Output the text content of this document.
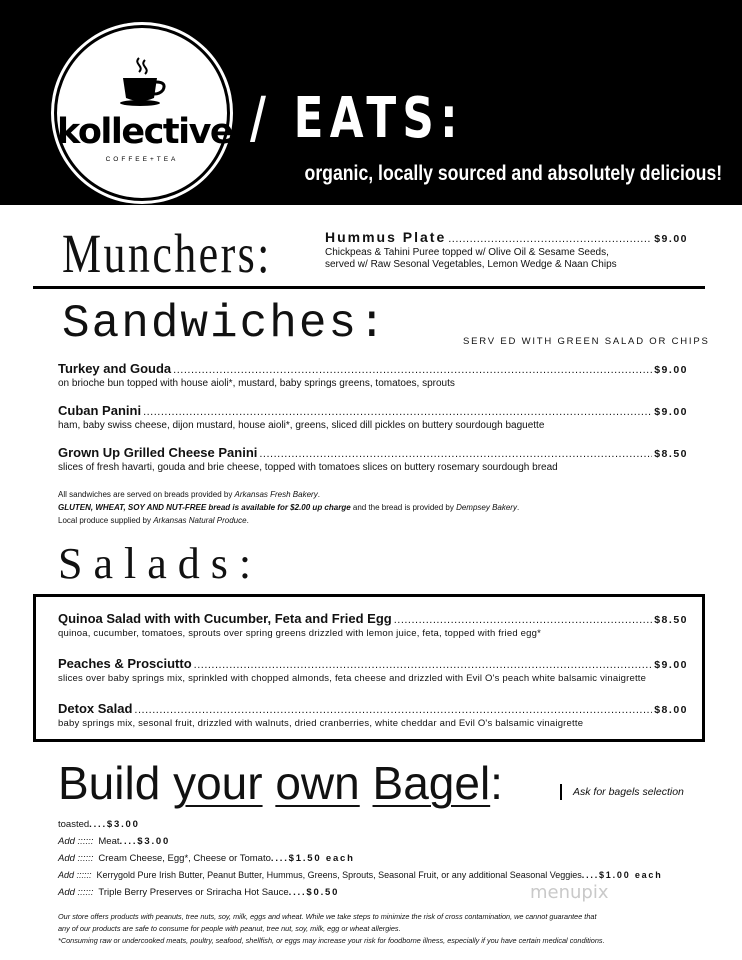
kollective
COFFEE+TEA
/ EATS:
organic, locally sourced and absolutely delicious!
Munchers:	Hummus Plate .....	$9.00
Chickpeas & Tahini Puree topped w/ Olive Oil & Sesame Seeds,
served w/ Raw Sesonal Vegetables, Lemon Wedge & Naan Chips
Sandwiches:	SERV ED WITH GREEN SALAD OR CHIPS
Turkey and Gouda .....	$9.00
on brioche bun topped with house aioli*, mustard, baby springs greens, tomatoes, sprouts
Cuban Panini .....	$9.00
ham, baby swiss cheese, dijon mustard, house aioli*, greens, sliced dill pickles on buttery sourdough baguette
Grown Up Grilled Cheese Panini .....	$8.50
slices of fresh havarti, gouda and brie cheese, topped with tomatoes slices on buttery rosemary sourdough bread
All sandwiches are served on breads provided by Arkansas Fresh Bakery.
GLUTEN, WHEAT, SOY AND NUT-FREE bread is available for $2.00 up charge and the bread is provided by Dempsey Bakery.
Local produce supplied by Arkansas Natural Produce.
Salads:
Quinoa Salad with with Cucumber, Feta and Fried Egg .....	$8.50
quinoa, cucumber, tomatoes, sprouts over spring greens drizzled with lemon juice, feta, topped with fried egg*
Peaches & Prosciutto .....	$9.00
slices over baby springs mix, sprinkled with chopped almonds, feta cheese and drizzled with Evil O's peach white balsamic vinaigrette
Detox Salad .....	$8.00
baby springs mix, sesonal fruit, drizzled with walnuts, dried cranberries, white cheddar and Evil O's balsamic vinaigrette
Build your own Bagel:	Ask for bagels selection
toasted....$3.00
Add :::::: Meat....$3.00
Add :::::: Cream Cheese, Egg*, Cheese or Tomato....$1.50 each
Add :::::: Kerrygold Pure Irish Butter, Peanut Butter, Hummus, Greens, Sprouts, Seasonal Fruit, or any additional Seasonal Veggies....$1.00 each
Add :::::: Triple Berry Preserves or Sriracha Hot Sauce....$0.50	menupix
Our store offers products with peanuts, tree nuts, soy, milk, eggs and wheat. While we take steps to minimize the risk of cross contamination, we cannot guarantee that
any of our products are safe to consume for people with peanut, tree nut, soy, milk, egg or wheat allergies.
*Consuming raw or undercooked meats, poultry, seafood, shellfish, or eggs may increase your risk for foodborne illness, especially if you have certain medical conditions.
